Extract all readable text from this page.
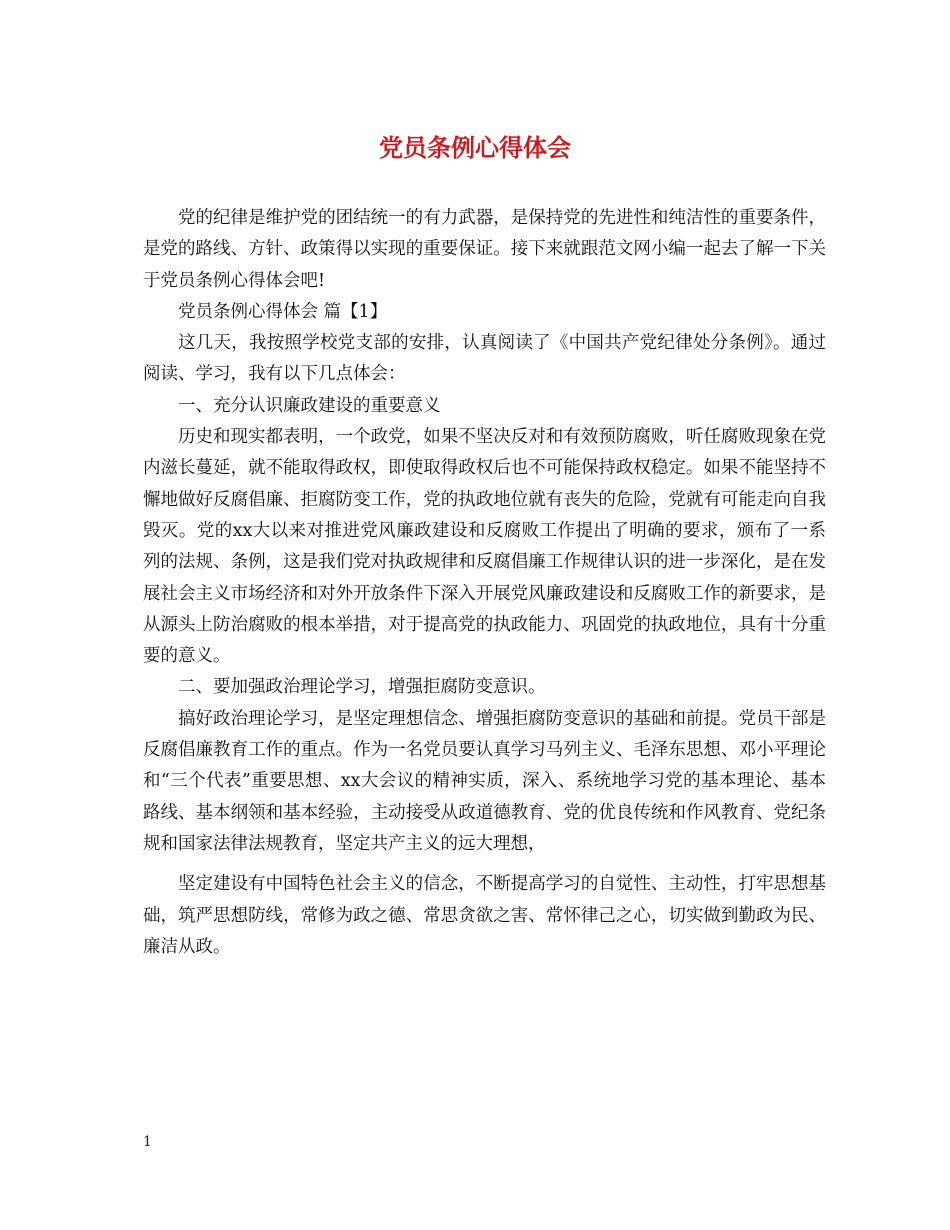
党员条例心得体会

党的纪律是维护党的团结统一的有力武器，是保持党的先进性和纯洁性的重要条件，是党的路线、方针、政策得以实现的重要保证。接下来就跟范文网小编一起去了解一下关于党员条例心得体会吧!

党员条例心得体会 篇【1】

这几天，我按照学校党支部的安排，认真阅读了《中国共产党纪律处分条例》。通过阅读、学习，我有以下几点体会：

一、充分认识廉政建设的重要意义

历史和现实都表明，一个政党，如果不坚决反对和有效预防腐败，听任腐败现象在党内滋长蔓延，就不能取得政权，即使取得政权后也不可能保持政权稳定。如果不能坚持不懈地做好反腐倡廉、拒腐防变工作，党的执政地位就有丧失的危险，党就有可能走向自我毁灭。党的xx大以来对推进党风廉政建设和反腐败工作提出了明确的要求，颁布了一系列的法规、条例，这是我们党对执政规律和反腐倡廉工作规律认识的进一步深化，是在发展社会主义市场经济和对外开放条件下深入开展党风廉政建设和反腐败工作的新要求，是从源头上防治腐败的根本举措，对于提高党的执政能力、巩固党的执政地位，具有十分重要的意义。

二、要加强政治理论学习，增强拒腐防变意识。

搞好政治理论学习，是坚定理想信念、增强拒腐防变意识的基础和前提。党员干部是反腐倡廉教育工作的重点。作为一名党员要认真学习马列主义、毛泽东思想、邓小平理论和“三个代表”重要思想、xx大会议的精神实质，深入、系统地学习党的基本理论、基本路线、基本纲领和基本经验，主动接受从政道德教育、党的优良传统和作风教育、党纪条规和国家法律法规教育，坚定共产主义的远大理想，

坚定建设有中国特色社会主义的信念，不断提高学习的自觉性、主动性，打牢思想基础，筑严思想防线，常修为政之德、常思贪欲之害、常怀律己之心，切实做到勤政为民、廉洁从政。

1
